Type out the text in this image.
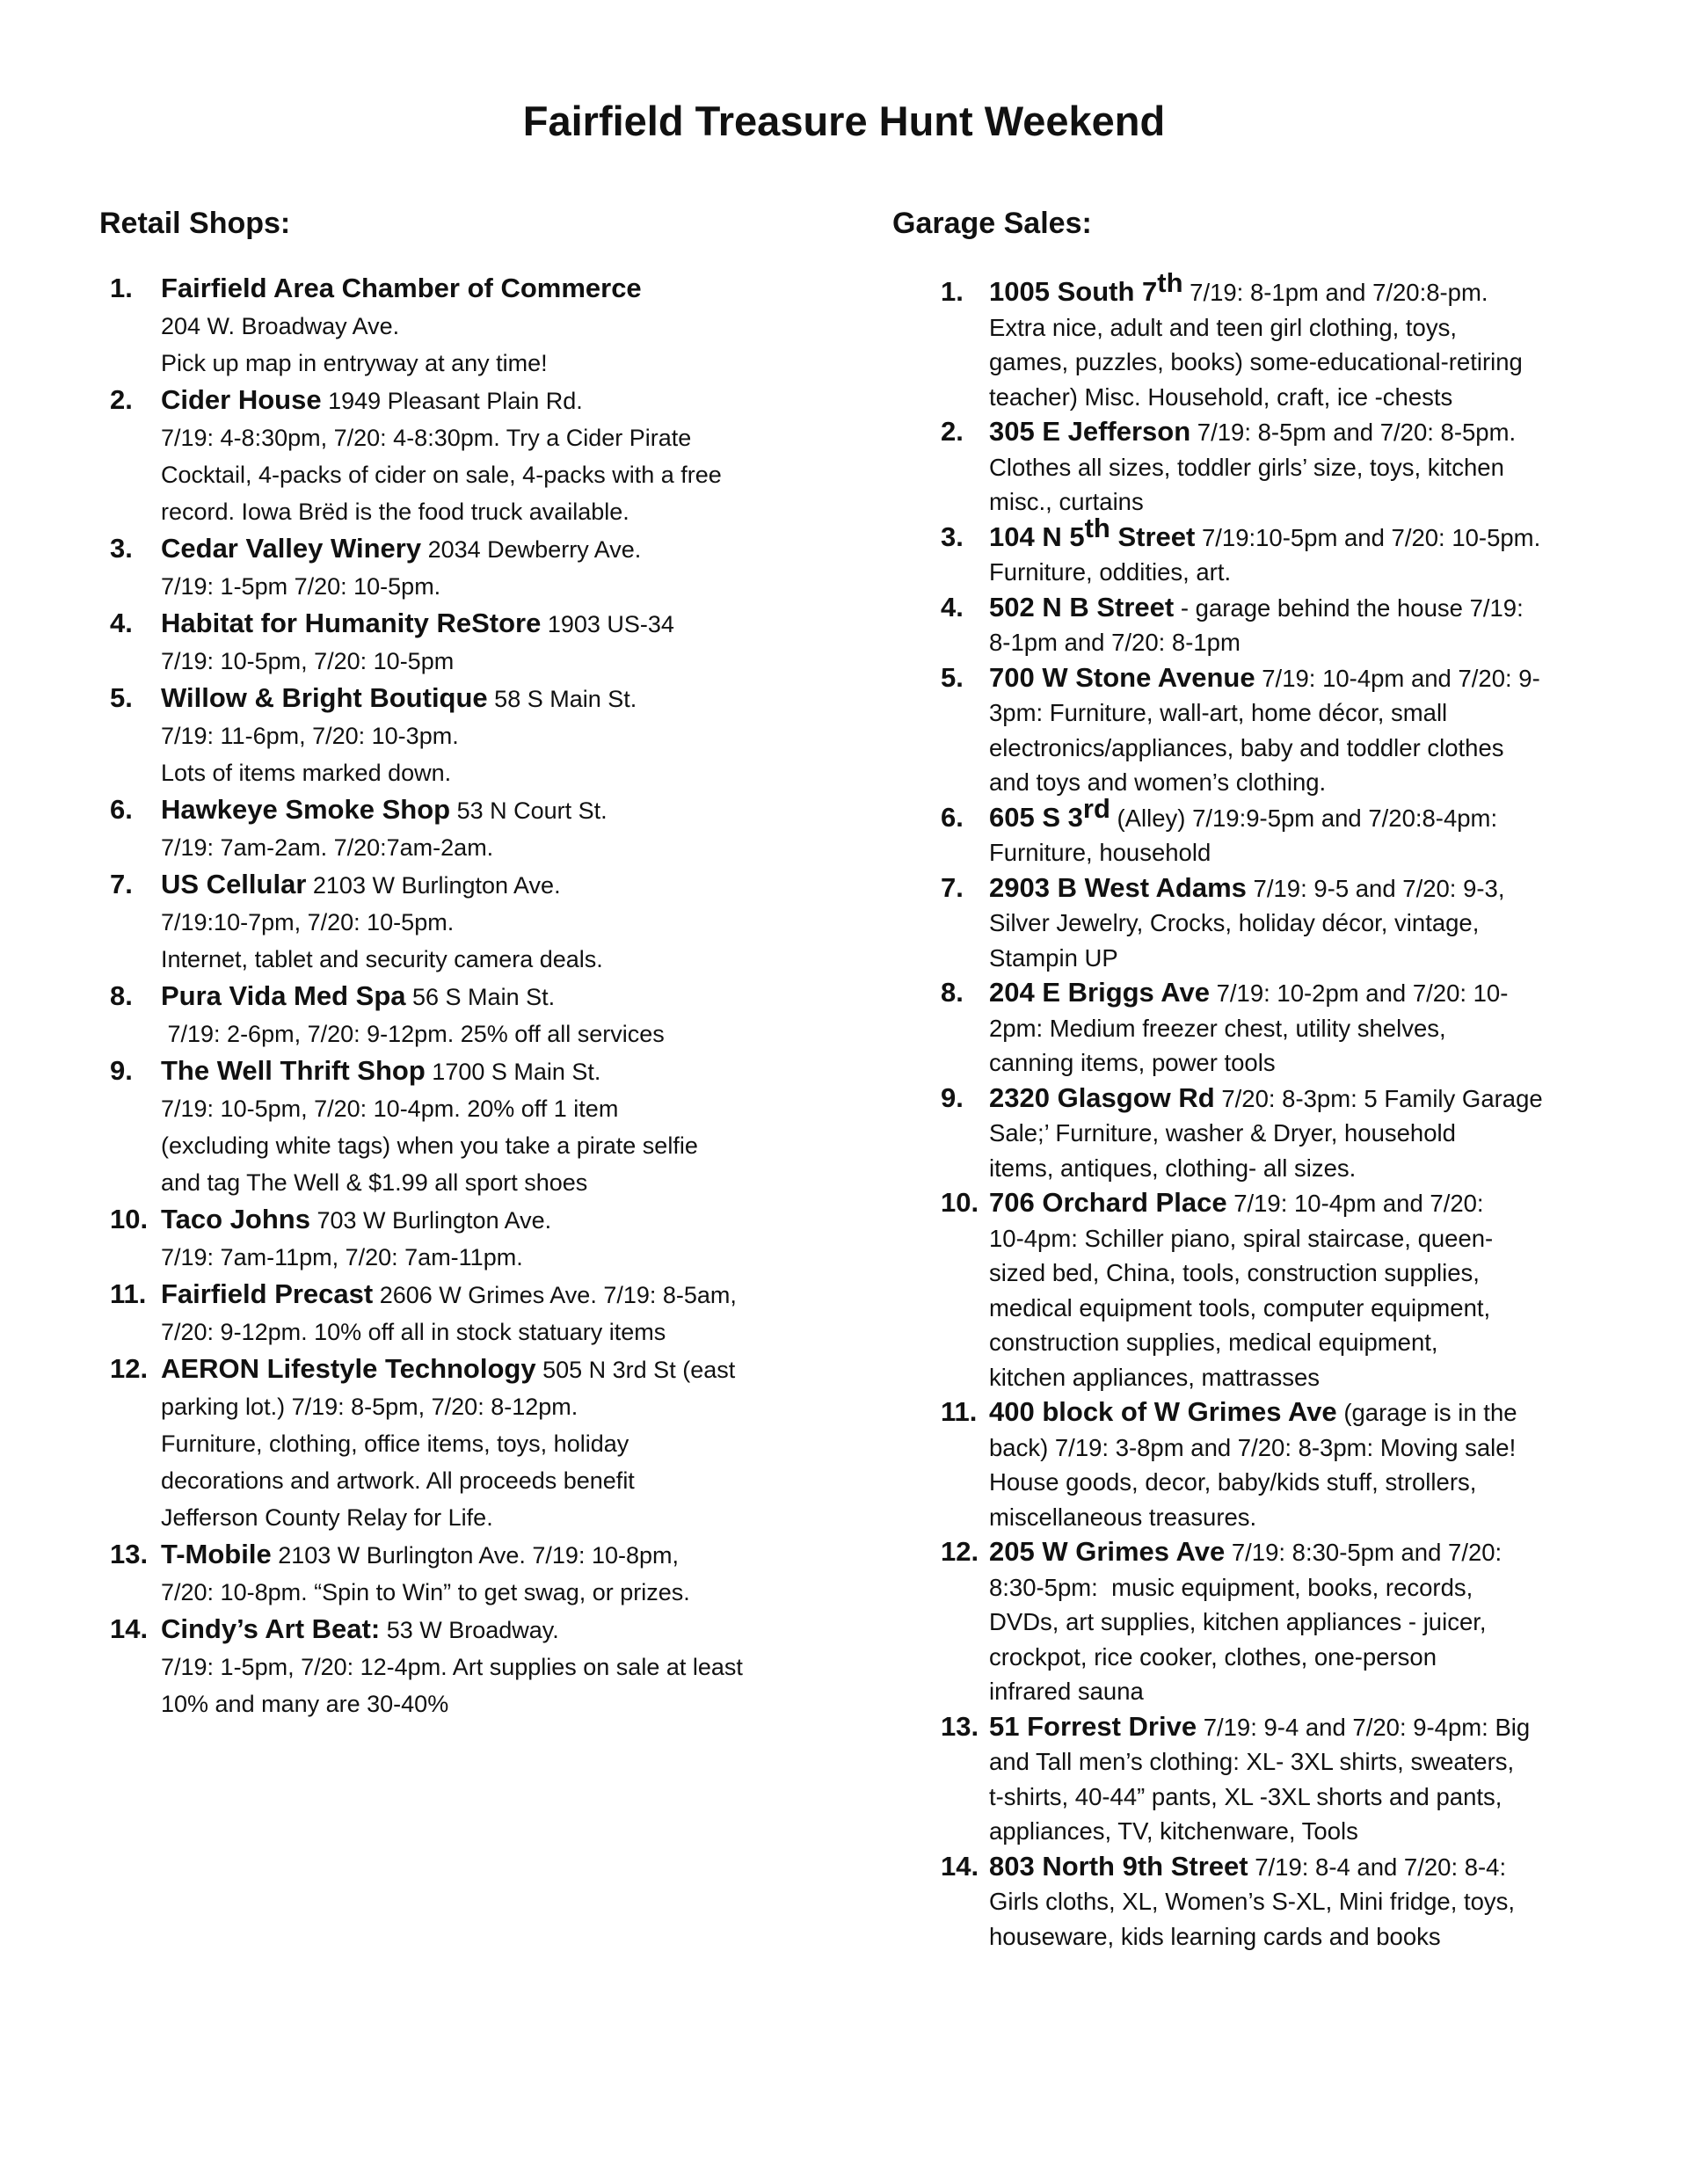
Fairfield Treasure Hunt Weekend
Retail Shops:
1. Fairfield Area Chamber of Commerce
204 W. Broadway Ave.
Pick up map in entryway at any time!
2. Cider House 1949 Pleasant Plain Rd.
7/19: 4-8:30pm, 7/20: 4-8:30pm. Try a Cider Pirate
Cocktail, 4-packs of cider on sale, 4-packs with a free
record. Iowa Brëd is the food truck available.
3. Cedar Valley Winery 2034 Dewberry Ave.
7/19: 1-5pm 7/20: 10-5pm.
4. Habitat for Humanity ReStore 1903 US-34
7/19: 10-5pm, 7/20: 10-5pm
5. Willow & Bright Boutique 58 S Main St.
7/19: 11-6pm, 7/20: 10-3pm.
Lots of items marked down.
6. Hawkeye Smoke Shop 53 N Court St.
7/19: 7am-2am. 7/20:7am-2am.
7. US Cellular 2103 W Burlington Ave.
7/19:10-7pm, 7/20: 10-5pm.
Internet, tablet and security camera deals.
8. Pura Vida Med Spa 56 S Main St.
7/19: 2-6pm, 7/20: 9-12pm. 25% off all services
9. The Well Thrift Shop 1700 S Main St.
7/19: 10-5pm, 7/20: 10-4pm. 20% off 1 item
(excluding white tags) when you take a pirate selfie
and tag The Well & $1.99 all sport shoes
10. Taco Johns 703 W Burlington Ave.
7/19: 7am-11pm, 7/20: 7am-11pm.
11. Fairfield Precast 2606 W Grimes Ave. 7/19: 8-5am,
7/20: 9-12pm. 10% off all in stock statuary items
12. AERON Lifestyle Technology 505 N 3rd St (east
parking lot.) 7/19: 8-5pm, 7/20: 8-12pm.
Furniture, clothing, office items, toys, holiday
decorations and artwork. All proceeds benefit
Jefferson County Relay for Life.
13. T-Mobile 2103 W Burlington Ave. 7/19: 10-8pm,
7/20: 10-8pm. “Spin to Win” to get swag, or prizes.
14. Cindy’s Art Beat: 53 W Broadway.
7/19: 1-5pm, 7/20: 12-4pm. Art supplies on sale at least
10% and many are 30-40%
Garage Sales:
1. 1005 South 7th 7/19: 8-1pm and 7/20:8-pm.
Extra nice, adult and teen girl clothing, toys,
games, puzzles, books) some-educational-retiring
teacher) Misc. Household, craft, ice -chests
2. 305 E Jefferson 7/19: 8-5pm and 7/20: 8-5pm.
Clothes all sizes, toddler girls’ size, toys, kitchen
misc., curtains
3. 104 N 5th Street 7/19:10-5pm and 7/20: 10-5pm.
Furniture, oddities, art.
4. 502 N B Street - garage behind the house 7/19:
8-1pm and 7/20: 8-1pm
5. 700 W Stone Avenue 7/19: 10-4pm and 7/20: 9-
3pm: Furniture, wall-art, home décor, small
electronics/appliances, baby and toddler clothes
and toys and women’s clothing.
6. 605 S 3rd (Alley) 7/19:9-5pm and 7/20:8-4pm:
Furniture, household
7. 2903 B West Adams 7/19: 9-5 and 7/20: 9-3,
Silver Jewelry, Crocks, holiday décor, vintage,
Stampin UP
8. 204 E Briggs Ave 7/19: 10-2pm and 7/20: 10-
2pm: Medium freezer chest, utility shelves,
canning items, power tools
9. 2320 Glasgow Rd 7/20: 8-3pm: 5 Family Garage
Sale;’ Furniture, washer & Dryer, household
items, antiques, clothing- all sizes.
10. 706 Orchard Place 7/19: 10-4pm and 7/20:
10-4pm: Schiller piano, spiral staircase, queen-
sized bed, China, tools, construction supplies,
medical equipment tools, computer equipment,
construction supplies, medical equipment,
kitchen appliances, mattrasses
11. 400 block of W Grimes Ave (garage is in the
back) 7/19: 3-8pm and 7/20: 8-3pm: Moving sale!
House goods, decor, baby/kids stuff, strollers,
miscellaneous treasures.
12. 205 W Grimes Ave 7/19: 8:30-5pm and 7/20:
8:30-5pm:  music equipment, books, records,
DVDs, art supplies, kitchen appliances - juicer,
crockpot, rice cooker, clothes, one-person
infrared sauna
13. 51 Forrest Drive 7/19: 9-4 and 7/20: 9-4pm: Big
and Tall men’s clothing: XL- 3XL shirts, sweaters,
t-shirts, 40-44” pants, XL -3XL shorts and pants,
appliances, TV, kitchenware, Tools
14. 803 North 9th Street 7/19: 8-4 and 7/20: 8-4:
Girls cloths, XL, Women’s S-XL, Mini fridge, toys,
houseware, kids learning cards and books
